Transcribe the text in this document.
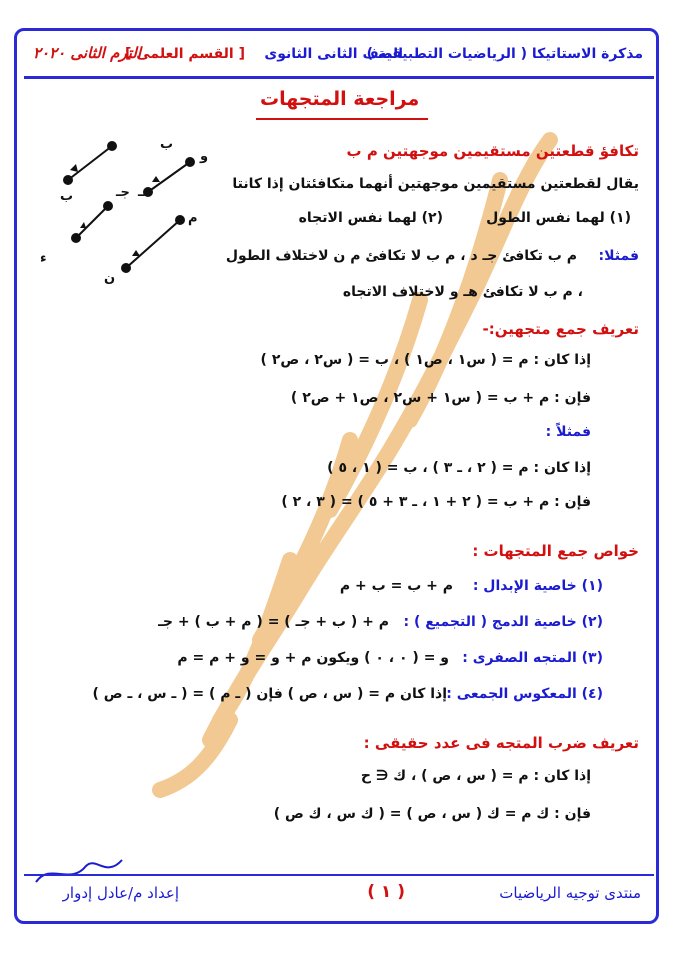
مذكرة الاستاتيكا ( الرياضيات التطبيقية )
الصف الثانى الثانوى
[ القسم العلمى ]
الترم الثانى ٢٠٢٠
مراجعة المتجهات
ب
و
هـ
جـ
ب
م
ء
ن
تكافؤ قطعتين مستقيمين موجهتين م ب
يقال لقطعتين مستقيمين موجهتين أنهما متكافئتان إذا كانتا
(١) لهما نفس الطول
(٢) لهما نفس الاتجاه
فمثلا:
م ب تكافئ جـ د ، م ب لا تكافئ م ن لاختلاف الطول
، م ب لا تكافئ هـ و لاختلاف الاتجاه
تعريف جمع متجهين:-
إذا كان : م = ( س١ ، ص١ ) ، ب = ( س٢ ، ص٢ )
فإن : م + ب = ( س١ + س٢ ، ص١ + ص٢ )
فمثلاً :
إذا كان : م = ( ٢ ، ـ ٣ ) ، ب = ( ١ ، ٥ )
فإن : م + ب = ( ٢ + ١ ، ـ ٣ + ٥ ) = ( ٣ ، ٢ )
خواص جمع المتجهات :
(١) خاصية الإبدال :
م + ب = ب + م
(٢) خاصية الدمج ( التجميع ) :
م + ( ب + جـ ) = ( م + ب ) + جـ
(٣) المتجه الصفرى :
و = ( ٠ ، ٠ ) ويكون م + و = و + م = م
(٤) المعكوس الجمعى :
إذا كان م = ( س ، ص ) فإن ( ـ م ) = ( ـ س ، ـ ص )
تعريف ضرب المتجه فى عدد حقيقى :
إذا كان : م = ( س ، ص ) ، ك ∈ ح
فإن : ك م = ك ( س ، ص ) = ( ك س ، ك ص )
منتدى توجيه الرياضيات
( ١ )
إعداد م/عادل إدوار
